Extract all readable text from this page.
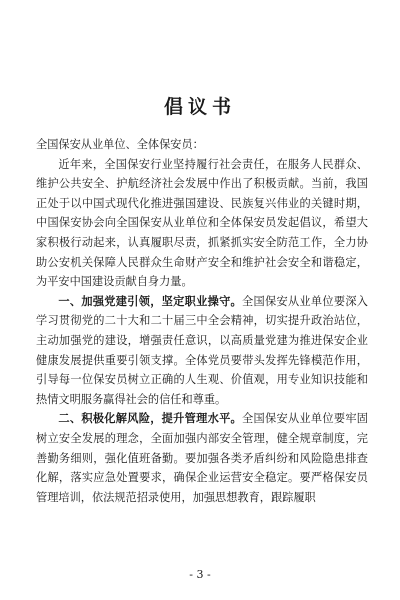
倡议书

全国保安从业单位、全体保安员：

近年来，全国保安行业坚持履行社会责任，在服务人民群众、维护公共安全、护航经济社会发展中作出了积极贡献。当前，我国正处于以中国式现代化推进强国建设、民族复兴伟业的关键时期，中国保安协会向全国保安从业单位和全体保安员发起倡议，希望大家积极行动起来，认真履职尽责，抓紧抓实安全防范工作，全力协助公安机关保障人民群众生命财产安全和维护社会安全和谐稳定，为平安中国建设贡献自身力量。

一、加强党建引领，坚定职业操守。全国保安从业单位要深入学习贯彻党的二十大和二十届三中全会精神，切实提升政治站位，主动加强党的建设，增强责任意识，以高质量党建为推进保安企业健康发展提供重要引领支撑。全体党员要带头发挥先锋模范作用，引导每一位保安员树立正确的人生观、价值观，用专业知识技能和热情文明服务赢得社会的信任和尊重。

二、积极化解风险，提升管理水平。全国保安从业单位要牢固树立安全发展的理念，全面加强内部安全管理，健全规章制度，完善勤务细则，强化值班备勤。要加强各类矛盾纠纷和风险隐患排查化解，落实应急处置要求，确保企业运营安全稳定。要严格保安员管理培训，依法规范招录使用，加强思想教育，跟踪履职

- 3 -
